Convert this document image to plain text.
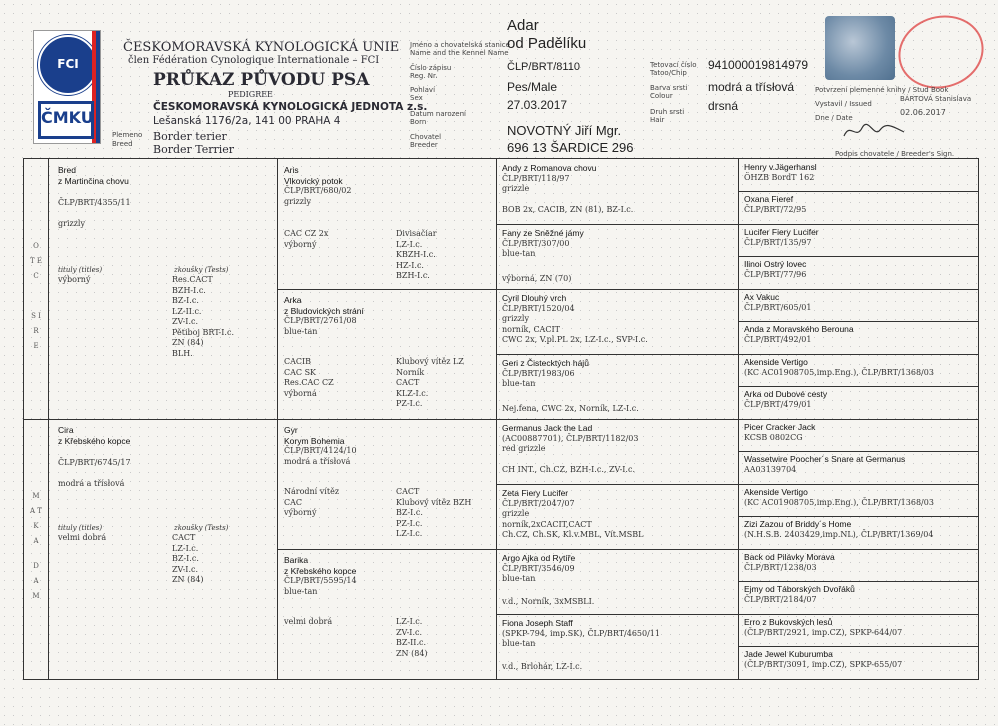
FCI
ČMKU
ČESKOMORAVSKÁ KYNOLOGICKÁ UNIE
člen Fédération Cynologique Internationale – FCI
PRŮKAZ PŮVODU PSA
PEDIGREE
ČESKOMORAVSKÁ KYNOLOGICKÁ JEDNOTA z.s.
Lešanská 1176/2a, 141 00 PRAHA 4
Plemeno
Breed
Border terier
Border Terrier
Jméno a chovatelská stanice
Name and the Kennel Name
Číslo zápisu
Reg. Nr.
Pohlaví
Sex
Datum narození
Born
Chovatel
Breeder
Adar
od Padělíku
ČLP/BRT/8110
Pes/Male
27.03.2017
NOVOTNÝ Jiří Mgr.
696 13 ŠARDICE 296
Tetovací číslo
Tatoo/Chip
Barva srsti
Colour
Druh srsti
Hair
941000019814979
modrá a třísłová
drsná
Potvrzení plemenné knihy / Stud Book
Vystavil / Issued
BÁRTOVÁ Stanislava
Dne / Date
02.06.2017
Podpis chovatele / Breeder's Sign.
O T E C
S I R E
M A T K A
D A M
Bred
z Martinčina chovu
ČLP/BRT/4355/11
grizzly
tituly (titles)
výborný
zkoušky (Tests)
Res.CACT
BZH-I.c.
BZ-I.c.
LZ-II.c.
ZV-I.c.
Pětiboj BRT-I.c.
ZN (84)
BLH.
Cira
z Křebského kopce
ČLP/BRT/6745/17
modrá a třísłová
tituly (titles)
velmi dobrá
zkoušky (Tests)
CACT
LZ-I.c.
BZ-I.c.
ZV-I.c.
ZN (84)
Aris
Vlkovický potok
ČLP/BRT/680/02
grizzly
CAC CZ 2x
výborný
Divisačiar
LZ-I.c.
KBZH-I.c.
HZ-I.c.
BZH-I.c.
Arka
z Bludovických strání
ČLP/BRT/2761/08
blue-tan
CACIB
CAC SK
Res.CAC CZ
výborná
Klubový vítěz LZ
Norník
CACT
KLZ-I.c.
PZ-I.c.
Gyr
Korym Bohemia
ČLP/BRT/4124/10
modrá a třísłová
Národní vítěz
CAC
výborný
CACT
Klubový vítěz BZH
BZ-I.c.
PZ-I.c.
LZ-I.c.
Barika
z Křebského kopce
ČLP/BRT/5595/14
blue-tan
velmi dobrá	LZ-I.c.
ZV-I.c.
BZ-II.c.
ZN (84)
Andy z Romanova chovu
ČLP/BRT/118/97
grizzle
BOB 2x, CACIB, ZN (81), BZ-I.c.
Fany ze Sněžné jámy
ČLP/BRT/307/00
blue-tan
výborná, ZN (70)
Cyril Dlouhý vrch
ČLP/BRT/1520/04
grizzly
norník, CACIT
CWC 2x, V.pl.PL 2x, LZ-I.c., SVP-I.c.
Geri z Čistecktých hájů
ČLP/BRT/1983/06
blue-tan
Nej.fena, CWC 2x, Norník, LZ-I.c.
Germanus Jack the Lad
(AC00887701), ČLP/BRT/1182/03
red grizzle
CH INT., Ch.CZ, BZH-I.c., ZV-I.c.
Zeta Fiery Lucifer
ČLP/BRT/2047/07
grizzle
norník,2xCACIT,CACT
Ch.CZ, Ch.SK, Kl.v.MBL, Vít.MSBL
Argo Ajka od Rytíře
ČLP/BRT/3546/09
blue-tan
v.d., Norník, 3xMSBLI.
Fiona Joseph Staff
(SPKP-794, imp.SK), ČLP/BRT/4650/11
blue-tan
v.d., Brlohár, LZ-I.c.
Henry v.Jägerhansl
ÖHZB BordT 162
Oxana Fieref
ČLP/BRT/72/95
Lucifer Fiery Lucifer
ČLP/BRT/135/97
Ilinoi Ostrý lovec
ČLP/BRT/77/96
Ax Vakuc
ČLP/BRT/605/01
Anda z Moravského Berouna
ČLP/BRT/492/01
Akenside Vertigo
(KC AC01908705,imp.Eng.), ČLP/BRT/1368/03
Arka od Dubové cesty
ČLP/BRT/479/01
Picer Cracker Jack
KCSB 0802CG
Wassetwire Poocher´s Snare at Germanus
AA03139704
Akenside Vertigo
(KC AC01908705,imp.Eng.), ČLP/BRT/1368/03
Zizi Zazou of Briddy´s Home
(N.H.S.B. 2403429,imp.NL), ČLP/BRT/1369/04
Back od Pilávky Morava
ČLP/BRT/1238/03
Ejmy od Táborských Dvořáků
ČLP/BRT/2184/07
Erro z Bukovských lesů
(ČLP/BRT/2921, imp.CZ), SPKP-644/07
Jade Jewel Kuburumba
(ČLP/BRT/3091, imp.CZ), SPKP-655/07
